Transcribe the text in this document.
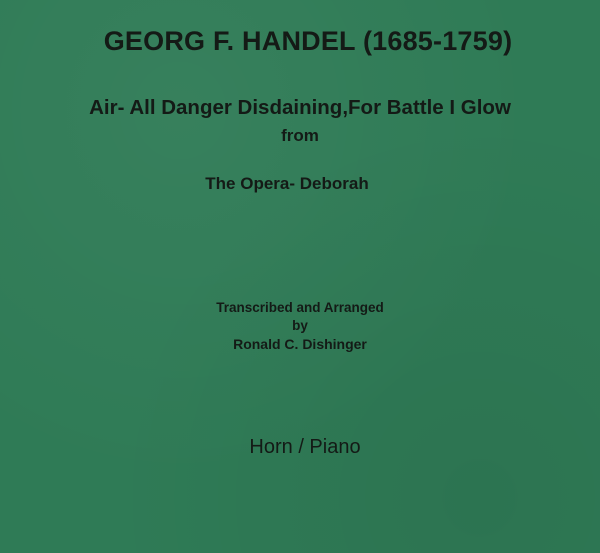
GEORG F. HANDEL (1685-1759)
Air- All Danger Disdaining,For Battle I Glow
from
The Opera- Deborah
Transcribed and Arranged
by
Ronald C. Dishinger
Horn / Piano
